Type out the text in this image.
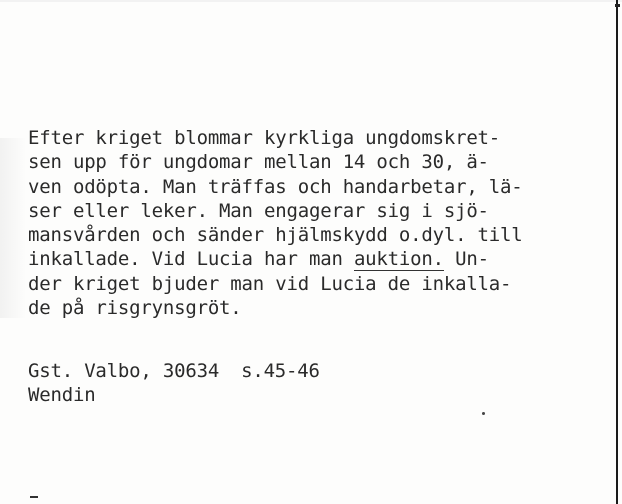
Efter kriget blommar kyrkliga ungdomskret-
sen upp för ungdomar mellan 14 och 30, ä-
ven odöpta. Man träffas och handarbetar, lä-
ser eller leker. Man engagerar sig i sjö-
mansvården och sänder hjälmskydd o.dyl. till
inkallade. Vid Lucia har man auktion. Un-
der kriget bjuder man vid Lucia de inkalla-
de på risgrynsgröt.

Gst. Valbo, 30634 s.45-46
Wendin
